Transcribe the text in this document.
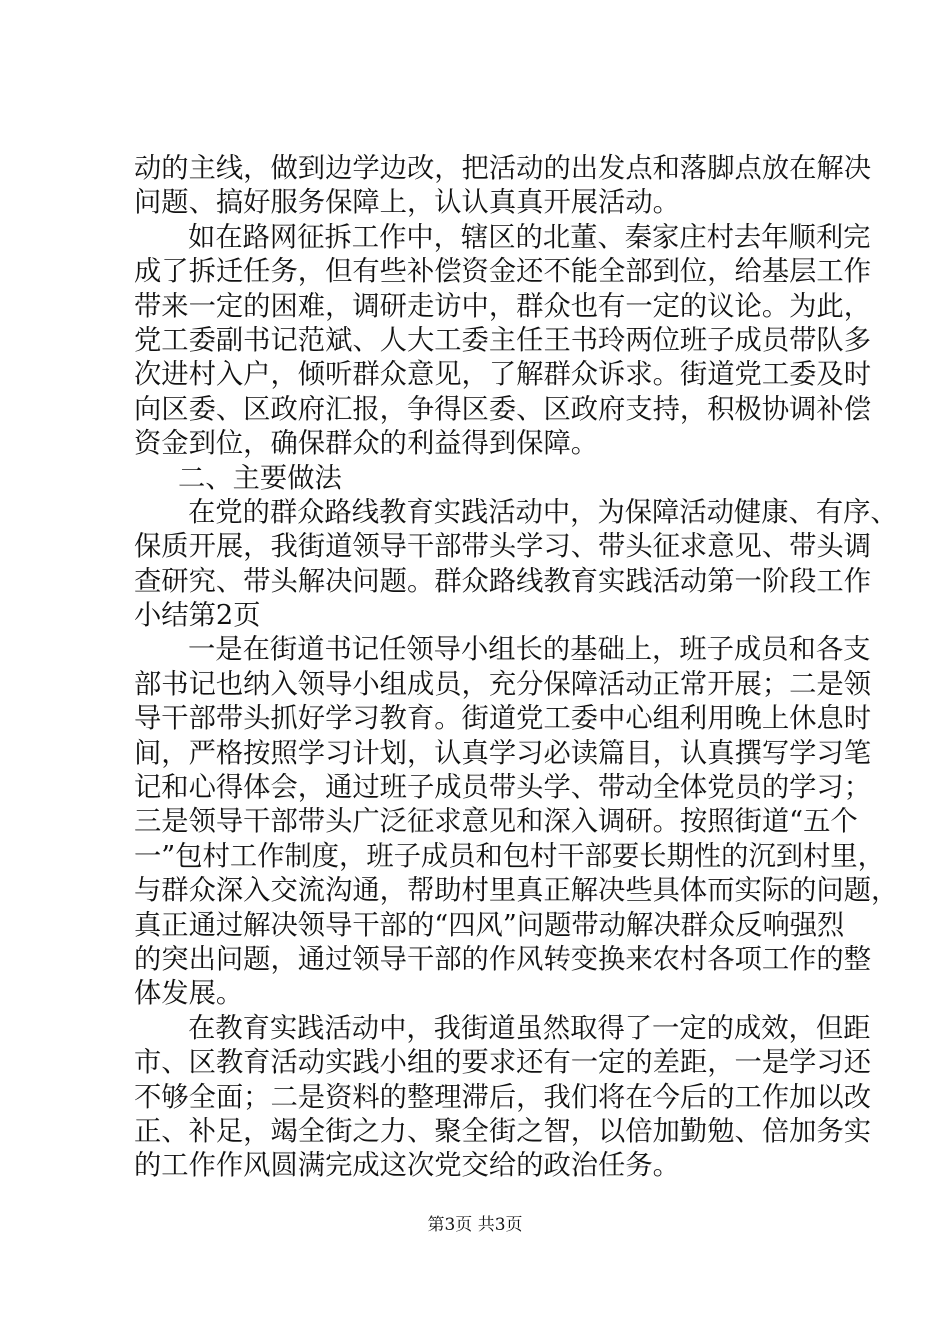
动的主线，做到边学边改，把活动的出发点和落脚点放在解决
问题、搞好服务保障上，认认真真开展活动。
如在路网征拆工作中，辖区的北董、秦家庄村去年顺利完
成了拆迁任务，但有些补偿资金还不能全部到位，给基层工作
带来一定的困难，调研走访中，群众也有一定的议论。为此，
党工委副书记范斌、人大工委主任王书玲两位班子成员带队多
次进村入户，倾听群众意见，了解群众诉求。街道党工委及时
向区委、区政府汇报，争得区委、区政府支持，积极协调补偿
资金到位，确保群众的利益得到保障。
二、主要做法
在党的群众路线教育实践活动中，为保障活动健康、有序、
保质开展，我街道领导干部带头学习、带头征求意见、带头调
查研究、带头解决问题。群众路线教育实践活动第一阶段工作
小结第2页
一是在街道书记任领导小组长的基础上，班子成员和各支
部书记也纳入领导小组成员，充分保障活动正常开展；二是领
导干部带头抓好学习教育。街道党工委中心组利用晚上休息时
间，严格按照学习计划，认真学习必读篇目，认真撰写学习笔
记和心得体会，通过班子成员带头学、带动全体党员的学习；
三是领导干部带头广泛征求意见和深入调研。按照街道“五个
一”包村工作制度，班子成员和包村干部要长期性的沉到村里，
与群众深入交流沟通，帮助村里真正解决些具体而实际的问题，
真正通过解决领导干部的“四风”问题带动解决群众反响强烈
的突出问题，通过领导干部的作风转变换来农村各项工作的整
体发展。
在教育实践活动中，我街道虽然取得了一定的成效，但距
市、区教育活动实践小组的要求还有一定的差距，一是学习还
不够全面；二是资料的整理滞后，我们将在今后的工作加以改
正、补足，竭全街之力、聚全街之智，以倍加勤勉、倍加务实
的工作作风圆满完成这次党交给的政治任务。
第3页 共3页
